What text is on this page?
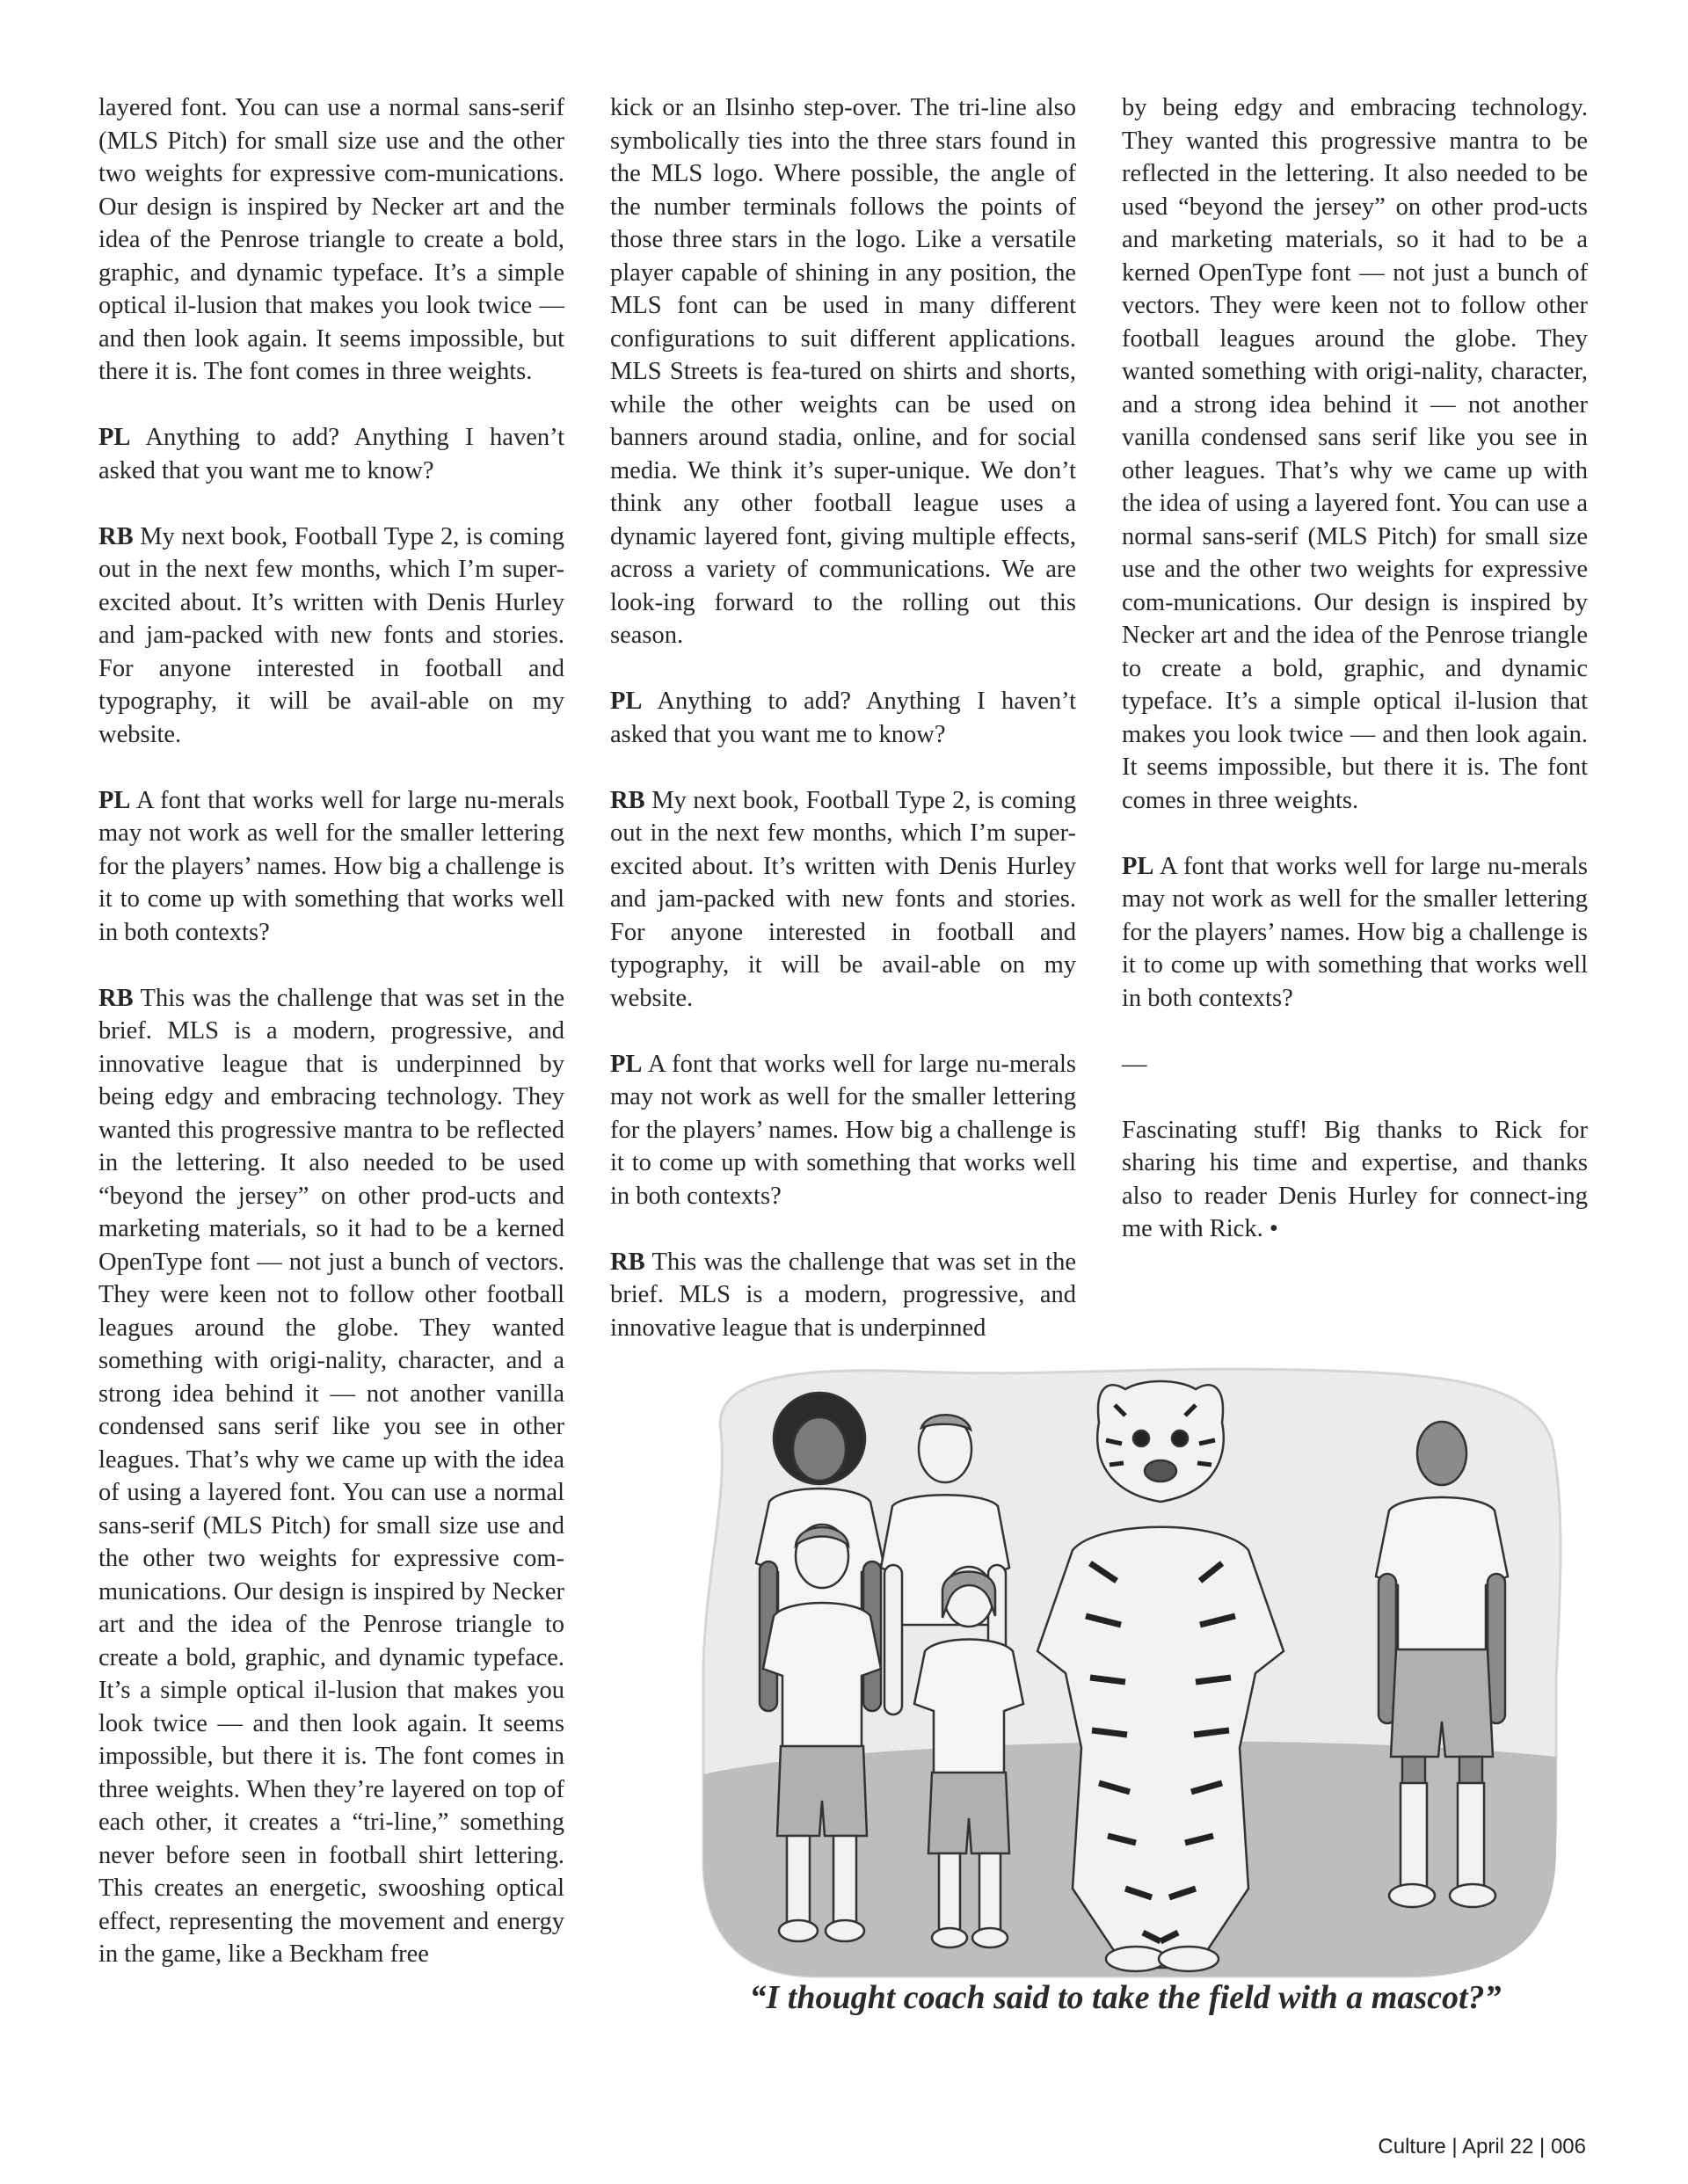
layered font. You can use a normal sans-serif (MLS Pitch) for small size use and the other two weights for expressive com-munications. Our design is inspired by Necker art and the idea of the Penrose triangle to create a bold, graphic, and dynamic typeface. It’s a simple optical il-lusion that makes you look twice — and then look again. It seems impossible, but there it is. The font comes in three weights.

PL Anything to add? Anything I haven’t asked that you want me to know?

RB My next book, Football Type 2, is coming out in the next few months, which I’m super-excited about. It’s written with Denis Hurley and jam-packed with new fonts and stories. For anyone interested in football and typography, it will be avail-able on my website.

PL A font that works well for large nu-merals may not work as well for the smaller lettering for the players’ names. How big a challenge is it to come up with something that works well in both contexts?

RB This was the challenge that was set in the brief. MLS is a modern, progressive, and innovative league that is underpinned by being edgy and embracing technology. They wanted this progressive mantra to be reflected in the lettering. It also needed to be used “beyond the jersey” on other prod-ucts and marketing materials, so it had to be a kerned OpenType font — not just a bunch of vectors. They were keen not to follow other football leagues around the globe. They wanted something with origi-nality, character, and a strong idea behind it — not another vanilla condensed sans serif like you see in other leagues. That’s why we came up with the idea of using a layered font. You can use a normal sans-serif (MLS Pitch) for small size use and the other two weights for expressive com-munications. Our design is inspired by Necker art and the idea of the Penrose triangle to create a bold, graphic, and dynamic typeface. It’s a simple optical il-lusion that makes you look twice — and then look again. It seems impossible, but there it is. The font comes in three weights. When they’re layered on top of each other, it creates a “tri-line,” something never before seen in football shirt lettering. This creates an energetic, swooshing optical effect, representing the movement and energy in the game, like a Beckham free

kick or an Ilsinho step-over. The tri-line also symbolically ties into the three stars found in the MLS logo. Where possible, the angle of the number terminals follows the points of those three stars in the logo. Like a versatile player capable of shining in any position, the MLS font can be used in many different configurations to suit different applications. MLS Streets is fea-tured on shirts and shorts, while the other weights can be used on banners around stadia, online, and for social media. We think it’s super-unique. We don’t think any other football league uses a dynamic layered font, giving multiple effects, across a variety of communications. We are look-ing forward to the rolling out this season.

PL Anything to add? Anything I haven’t asked that you want me to know?

RB My next book, Football Type 2, is coming out in the next few months, which I’m super-excited about. It’s written with Denis Hurley and jam-packed with new fonts and stories. For anyone interested in football and typography, it will be avail-able on my website.

PL A font that works well for large nu-merals may not work as well for the smaller lettering for the players’ names. How big a challenge is it to come up with something that works well in both contexts?

RB This was the challenge that was set in the brief. MLS is a modern, progressive, and innovative league that is underpinned

by being edgy and embracing technology. They wanted this progressive mantra to be reflected in the lettering. It also needed to be used “beyond the jersey” on other prod-ucts and marketing materials, so it had to be a kerned OpenType font — not just a bunch of vectors. They were keen not to follow other football leagues around the globe. They wanted something with origi-nality, character, and a strong idea behind it — not another vanilla condensed sans serif like you see in other leagues. That’s why we came up with the idea of using a layered font. You can use a normal sans-serif (MLS Pitch) for small size use and the other two weights for expressive com-munications. Our design is inspired by Necker art and the idea of the Penrose triangle to create a bold, graphic, and dynamic typeface. It’s a simple optical il-lusion that makes you look twice — and then look again. It seems impossible, but there it is. The font comes in three weights.

PL A font that works well for large nu-merals may not work as well for the smaller lettering for the players’ names. How big a challenge is it to come up with something that works well in both contexts?

—

Fascinating stuff! Big thanks to Rick for sharing his time and expertise, and thanks also to reader Denis Hurley for connect-ing me with Rick. •

“I thought coach said to take the field with a mascot?”
Culture | April 22 | 006
